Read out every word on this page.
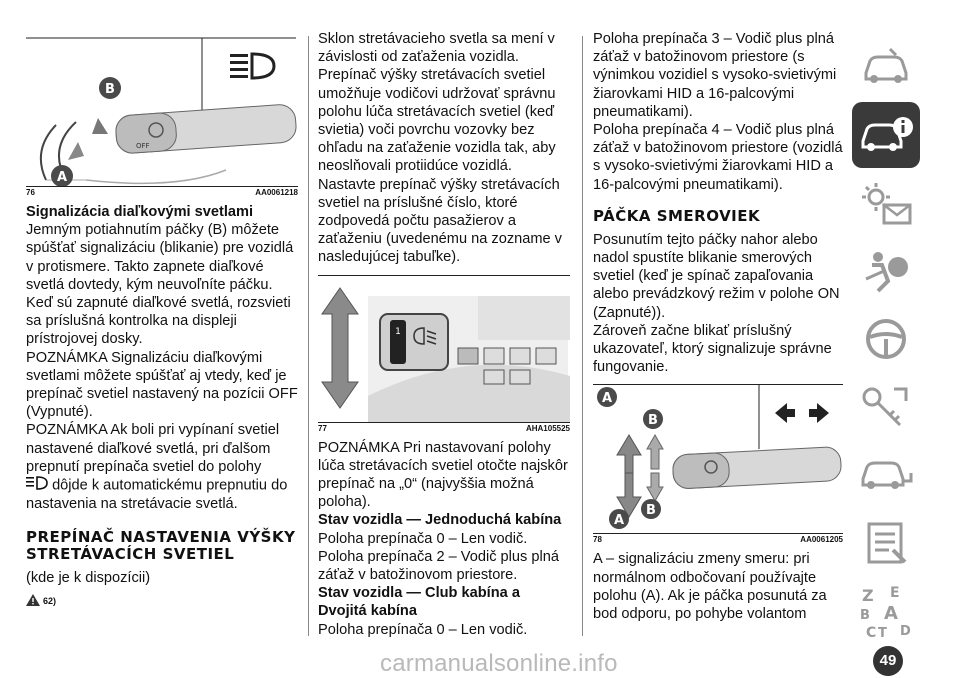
OFF
B
A
76	AA0061218
Signalizácia diaľkovými svetlami

Jemným potiahnutím páčky (B) môžete spúšťať signalizáciu (blikanie) pre vozidlá v protismere. Takto zapnete diaľkové svetlá dovtedy, kým neuvoľníte páčku. Keď sú zapnuté diaľkové svetlá, rozsvieti sa príslušná kontrolka na displeji prístrojovej dosky.

POZNÁMKA Signalizáciu diaľkovými svetlami môžete spúšťať aj vtedy, keď je prepínač svetiel nastavený na pozícii OFF (Vypnuté).

POZNÁMKA Ak boli pri vypínaní svetiel nastavené diaľkové svetlá, pri ďalšom prepnutí prepínača svetiel do polohy
dôjde k automatickému prepnutiu do nastavenia na stretávacie svetlá.

PREPÍNAČ NASTAVENIA VÝŠKY STRETÁVACÍCH SVETIEL

(kde je k dispozícii)

62)

Sklon stretávacieho svetla sa mení v závislosti od zaťaženia vozidla. Prepínač výšky stretávacích svetiel umožňuje vodičovi udržovať správnu polohu lúča stretávacích svetiel (keď svietia) voči povrchu vozovky bez ohľadu na zaťaženie vozidla tak, aby neoslňovali protiidúce vozidlá. Nastavte prepínač výšky stretávacích svetiel na príslušné číslo, ktoré zodpovedá počtu pasažierov a zaťaženiu (uvedenému na zozname v nasledujúcej tabuľke).

1
77	AHA105525

POZNÁMKA Pri nastavovaní polohy lúča stretávacích svetiel otočte najskôr prepínač na „0“ (najvyššia možná poloha).

Stav vozidla — Jednoduchá kabína

Poloha prepínača 0 – Len vodič.

Poloha prepínača 2 – Vodič plus plná záťaž v batožinovom priestore.

Stav vozidla — Club kabína a Dvojitá kabína

Poloha prepínača 0 – Len vodič.

Poloha prepínača 3 – Vodič plus plná záťaž v batožinovom priestore (s výnimkou vozidiel s vysoko-svietivými žiarovkami HID a 16-palcovými pneumatikami).

Poloha prepínača 4 – Vodič plus plná záťaž v batožinovom priestore (vozidlá s vysoko-svietivými žiarovkami HID a 16-palcovými pneumatikami).

PÁČKA SMEROVIEK

Posunutím tejto páčky nahor alebo nadol spustíte blikanie smerových svetiel (keď je spínač zapaľovania alebo prevádzkový režim v polohe ON (Zapnuté)).

Zároveň začne blikať príslušný ukazovateľ, ktorý signalizuje správne fungovanie.

A
B
B
A
78	AA0061205

A – signalizáciu zmeny smeru: pri normálnom odbočovaní používajte polohu (A). Ak je páčka posunutá za bod odporu, po pohybe volantom

Z E
B A
C T D
carmanualsonline.info	49
